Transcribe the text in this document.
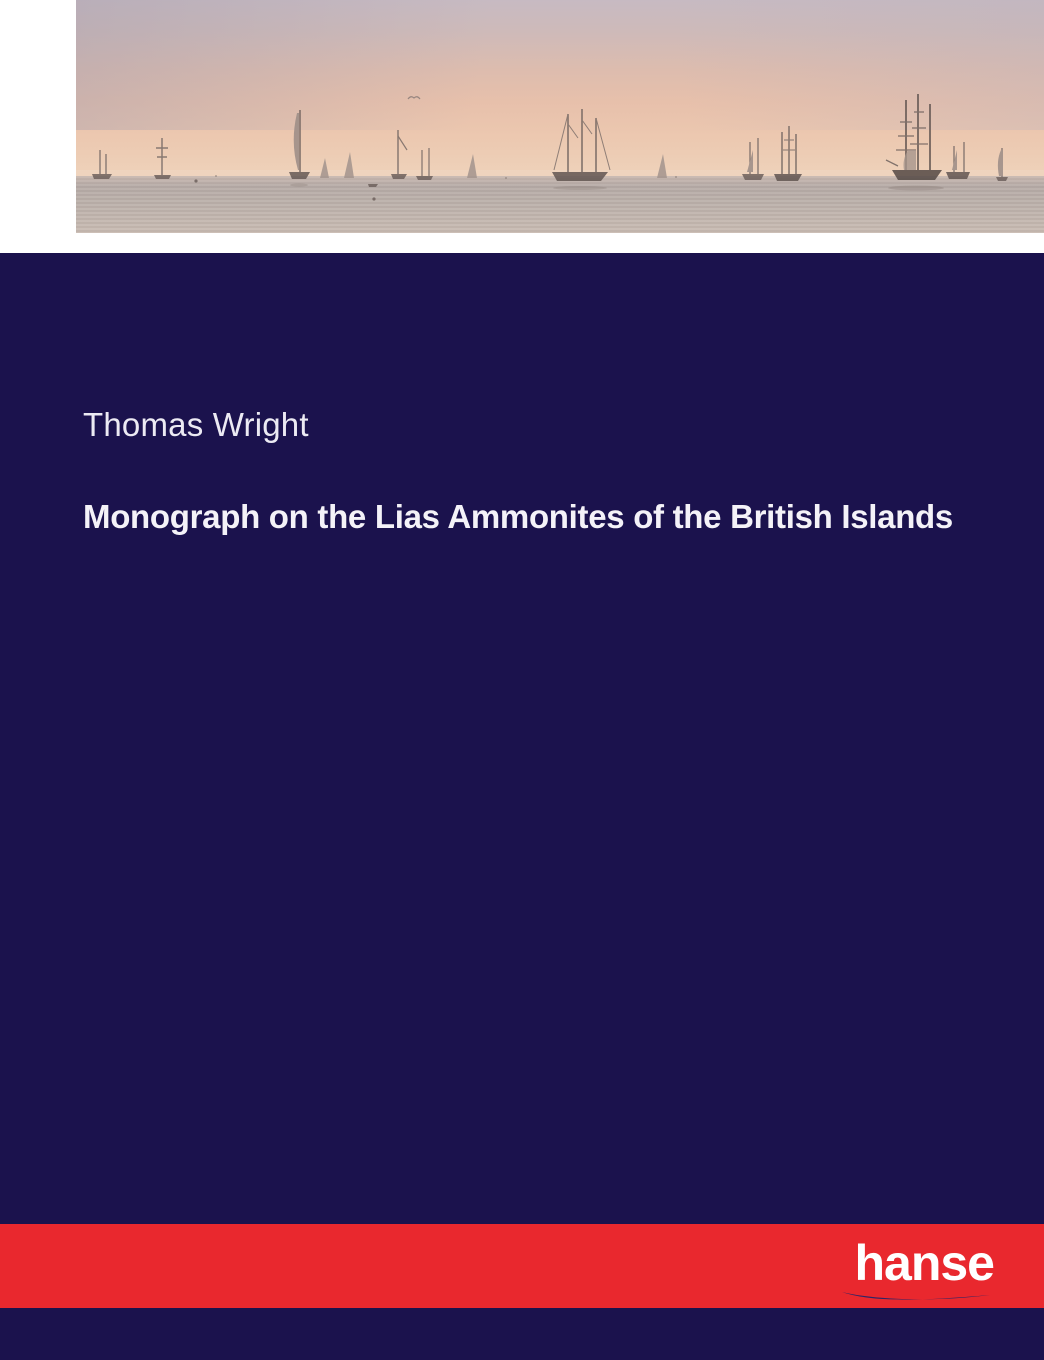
Thomas Wright
Monograph on the Lias Ammonites of the British Islands
hanse
